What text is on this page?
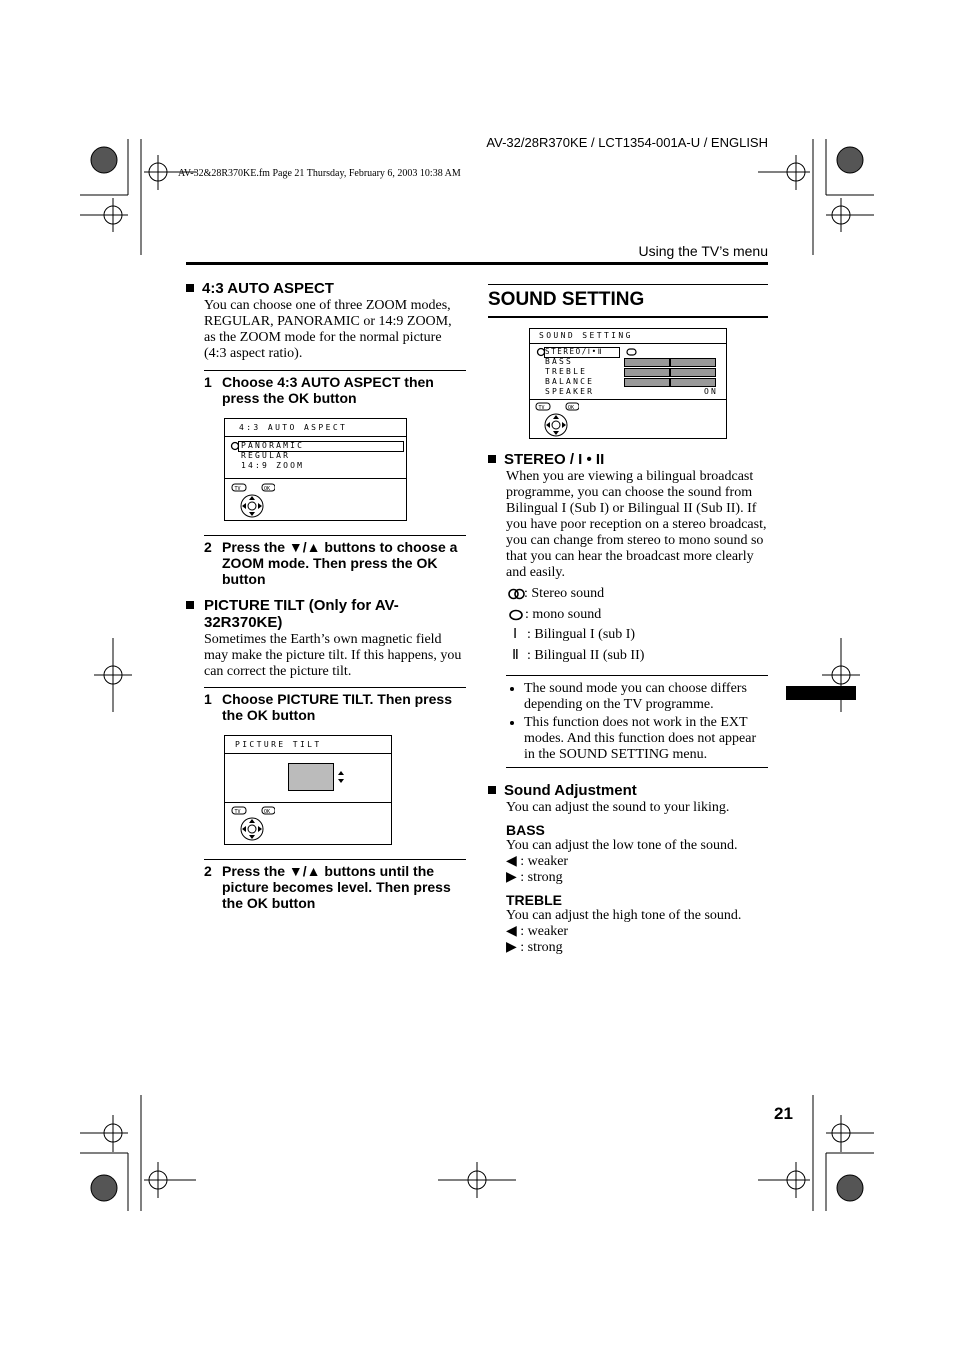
AV-32/28R370KE / LCT1354-001A-U / ENGLISH
AV-32&28R370KE.fm Page 21 Thursday, February 6, 2003 10:38 AM
Using the TV’s menu
4:3 AUTO ASPECT
You can choose one of three ZOOM modes, REGULAR, PANORAMIC or 14:9 ZOOM, as the ZOOM mode for the normal picture (4:3 aspect ratio).
1 Choose 4:3 AUTO ASPECT then press the OK button
4:3 AUTO ASPECT
PANORAMIC
REGULAR
14:9 ZOOM
TV	OK
2 Press the ▼/▲ buttons to choose a ZOOM mode. Then press the OK button
PICTURE TILT (Only for AV-32R370KE)
Sometimes the Earth’s own magnetic field may make the picture tilt. If this happens, you can correct the picture tilt.
1 Choose PICTURE TILT. Then press the OK button
PICTURE TILT
TV	OK
2 Press the ▼/▲ buttons until the picture becomes level. Then press the OK button
SOUND SETTING
SOUND SETTING
STEREO/Ⅰ•Ⅱ
BASS
TREBLE
BALANCE
SPEAKER	ON
TV	OK
STEREO / I • II
When you are viewing a bilingual broadcast programme, you can choose the sound from Bilingual I (Sub I) or Bilingual II (Sub II). If you have poor reception on a stereo broadcast, you can change from stereo to mono sound so that you can hear the broadcast more clearly and easily.
: Stereo sound
: mono sound
Ⅰ : Bilingual I (sub I)
Ⅱ : Bilingual II (sub II)
• The sound mode you can choose differs depending on the TV programme.
• This function does not work in the EXT modes. And this function does not appear in the SOUND SETTING menu.
Sound Adjustment
You can adjust the sound to your liking.
BASS
You can adjust the low tone of the sound.
◀ : weaker
▶ : strong
TREBLE
You can adjust the high tone of the sound.
◀ : weaker
▶ : strong
21
